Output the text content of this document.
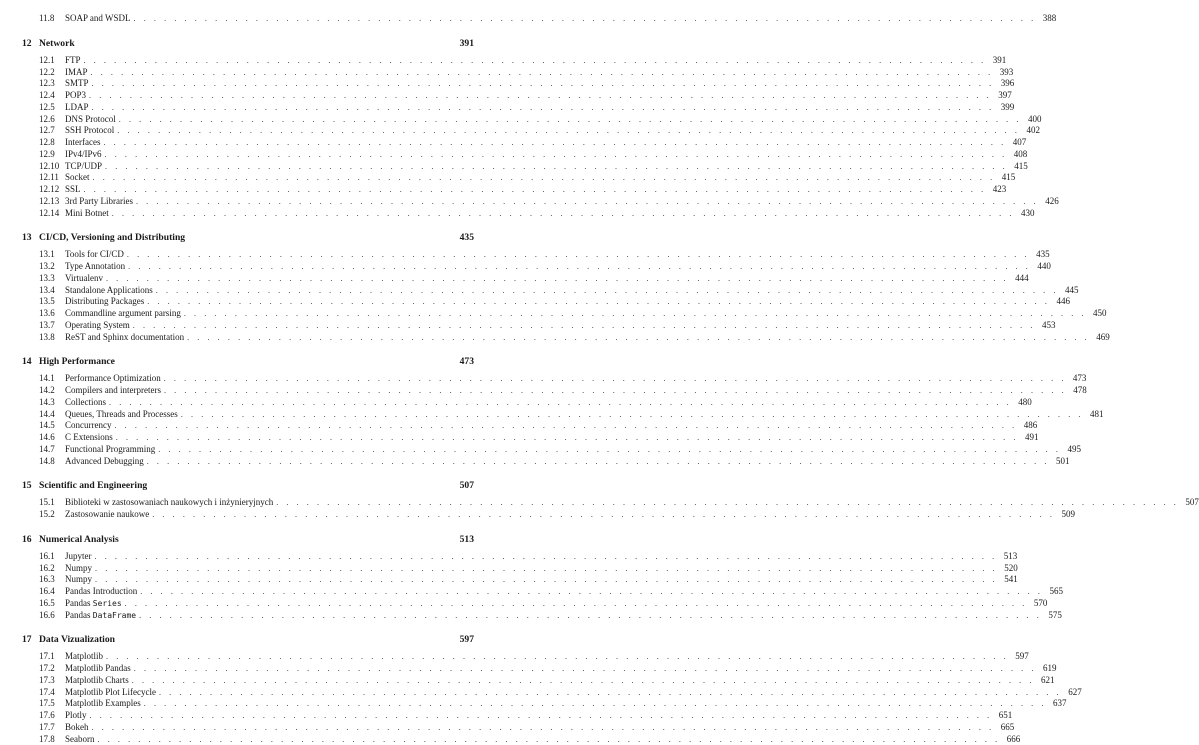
11.8	SOAP and WSDL . . . . . . . . . . . . . . . . . . . . . . . . . . . . . . . . . . . . . . . . . . . . . . . . . . . . . . . . . . . . . . . . . . . . . . . . . . . . . . . . . . . . . . . . . 388
12 Network	391
12.1	FTP . . . . . . . . . . . . . . . . . . . . . . . . . . . . . . . . . . . . . . . . . . . . . . . . . . . . . . . . . . . . . . . . . . . . . . . . . . . . . . . . . . . . . . . . . 391
12.2	IMAP . . . . . . . . . . . . . . . . . . . . . . . . . . . . . . . . . . . . . . . . . . . . . . . . . . . . . . . . . . . . . . . . . . . . . . . . . . . . . . . . . . . . . . . . . 393
12.3	SMTP . . . . . . . . . . . . . . . . . . . . . . . . . . . . . . . . . . . . . . . . . . . . . . . . . . . . . . . . . . . . . . . . . . . . . . . . . . . . . . . . . . . . . . . . . 396
12.4	POP3 . . . . . . . . . . . . . . . . . . . . . . . . . . . . . . . . . . . . . . . . . . . . . . . . . . . . . . . . . . . . . . . . . . . . . . . . . . . . . . . . . . . . . . . . . 397
12.5	LDAP . . . . . . . . . . . . . . . . . . . . . . . . . . . . . . . . . . . . . . . . . . . . . . . . . . . . . . . . . . . . . . . . . . . . . . . . . . . . . . . . . . . . . . . . . 399
12.6	DNS Protocol . . . . . . . . . . . . . . . . . . . . . . . . . . . . . . . . . . . . . . . . . . . . . . . . . . . . . . . . . . . . . . . . . . . . . . . . . . . . . . . . . . . . . . . . . 400
12.7	SSH Protocol . . . . . . . . . . . . . . . . . . . . . . . . . . . . . . . . . . . . . . . . . . . . . . . . . . . . . . . . . . . . . . . . . . . . . . . . . . . . . . . . . . . . . . . . . 402
12.8	Interfaces . . . . . . . . . . . . . . . . . . . . . . . . . . . . . . . . . . . . . . . . . . . . . . . . . . . . . . . . . . . . . . . . . . . . . . . . . . . . . . . . . . . . . . . . . 407
12.9	IPv4/IPv6 . . . . . . . . . . . . . . . . . . . . . . . . . . . . . . . . . . . . . . . . . . . . . . . . . . . . . . . . . . . . . . . . . . . . . . . . . . . . . . . . . . . . . . . . . 408
12.10 TCP/UDP . . . . . . . . . . . . . . . . . . . . . . . . . . . . . . . . . . . . . . . . . . . . . . . . . . . . . . . . . . . . . . . . . . . . . . . . . . . . . . . . . . . . . . . . . 415
12.11 Socket . . . . . . . . . . . . . . . . . . . . . . . . . . . . . . . . . . . . . . . . . . . . . . . . . . . . . . . . . . . . . . . . . . . . . . . . . . . . . . . . . . . . . . . . . 415
12.12 SSL . . . . . . . . . . . . . . . . . . . . . . . . . . . . . . . . . . . . . . . . . . . . . . . . . . . . . . . . . . . . . . . . . . . . . . . . . . . . . . . . . . . . . . . . . 423
12.13 3rd Party Libraries . . . . . . . . . . . . . . . . . . . . . . . . . . . . . . . . . . . . . . . . . . . . . . . . . . . . . . . . . . . . . . . . . . . . . . . . . . . . . . . . . . . . . . . . . 426
12.14 Mini Botnet . . . . . . . . . . . . . . . . . . . . . . . . . . . . . . . . . . . . . . . . . . . . . . . . . . . . . . . . . . . . . . . . . . . . . . . . . . . . . . . . . . . . . . . . . 430
13 CI/CD, Versioning and Distributing	435
13.1	Tools for CI/CD . . . . . . . . . . . . . . . . . . . . . . . . . . . . . . . . . . . . . . . . . . . . . . . . . . . . . . . . . . . . . . . . . . . . . . . . . . . . . . . . . . . . . . . . . 435
13.2	Type Annotation . . . . . . . . . . . . . . . . . . . . . . . . . . . . . . . . . . . . . . . . . . . . . . . . . . . . . . . . . . . . . . . . . . . . . . . . . . . . . . . . . . . . . . . . . 440
13.3	Virtualenv . . . . . . . . . . . . . . . . . . . . . . . . . . . . . . . . . . . . . . . . . . . . . . . . . . . . . . . . . . . . . . . . . . . . . . . . . . . . . . . . . . . . . . . . . 444
13.4	Standalone Applications . . . . . . . . . . . . . . . . . . . . . . . . . . . . . . . . . . . . . . . . . . . . . . . . . . . . . . . . . . . . . . . . . . . . . . . . . . . . . . . . . . . . . . . . . 445
13.5	Distributing Packages . . . . . . . . . . . . . . . . . . . . . . . . . . . . . . . . . . . . . . . . . . . . . . . . . . . . . . . . . . . . . . . . . . . . . . . . . . . . . . . . . . . . . . . . . 446
13.6	Commandline argument parsing . . . . . . . . . . . . . . . . . . . . . . . . . . . . . . . . . . . . . . . . . . . . . . . . . . . . . . . . . . . . . . . . . . . . . . . . . . . . . . . . . . . . . . . . . 450
13.7	Operating System . . . . . . . . . . . . . . . . . . . . . . . . . . . . . . . . . . . . . . . . . . . . . . . . . . . . . . . . . . . . . . . . . . . . . . . . . . . . . . . . . . . . . . . . . 453
13.8	ReST and Sphinx documentation . . . . . . . . . . . . . . . . . . . . . . . . . . . . . . . . . . . . . . . . . . . . . . . . . . . . . . . . . . . . . . . . . . . . . . . . . . . . . . . . . . . . . . . . . 469
14 High Performance	473
14.1	Performance Optimization . . . . . . . . . . . . . . . . . . . . . . . . . . . . . . . . . . . . . . . . . . . . . . . . . . . . . . . . . . . . . . . . . . . . . . . . . . . . . . . . . . . . . . . . . 473
14.2	Compilers and interpreters . . . . . . . . . . . . . . . . . . . . . . . . . . . . . . . . . . . . . . . . . . . . . . . . . . . . . . . . . . . . . . . . . . . . . . . . . . . . . . . . . . . . . . . . . 478
14.3	Collections . . . . . . . . . . . . . . . . . . . . . . . . . . . . . . . . . . . . . . . . . . . . . . . . . . . . . . . . . . . . . . . . . . . . . . . . . . . . . . . . . . . . . . . . . 480
14.4	Queues, Threads and Processes . . . . . . . . . . . . . . . . . . . . . . . . . . . . . . . . . . . . . . . . . . . . . . . . . . . . . . . . . . . . . . . . . . . . . . . . . . . . . . . . . . . . . . . . . 481
14.5	Concurrency . . . . . . . . . . . . . . . . . . . . . . . . . . . . . . . . . . . . . . . . . . . . . . . . . . . . . . . . . . . . . . . . . . . . . . . . . . . . . . . . . . . . . . . . . 486
14.6	C Extensions . . . . . . . . . . . . . . . . . . . . . . . . . . . . . . . . . . . . . . . . . . . . . . . . . . . . . . . . . . . . . . . . . . . . . . . . . . . . . . . . . . . . . . . . . 491
14.7	Functional Programming . . . . . . . . . . . . . . . . . . . . . . . . . . . . . . . . . . . . . . . . . . . . . . . . . . . . . . . . . . . . . . . . . . . . . . . . . . . . . . . . . . . . . . . . . 495
14.8	Advanced Debugging . . . . . . . . . . . . . . . . . . . . . . . . . . . . . . . . . . . . . . . . . . . . . . . . . . . . . . . . . . . . . . . . . . . . . . . . . . . . . . . . . . . . . . . . . 501
15 Scientific and Engineering	507
15.1	Biblioteki w zastosowaniach naukowych i inżynieryjnych . . . . . . . . . . . . . . . . . . . . . . . . . . . . . . . . . . . . . . . . . . . . . . . . . . . . . . . . . . . . . . . . . . . . . . . . . . . . . . . . . . . . . . . . . 507
15.2	Zastosowanie naukowe . . . . . . . . . . . . . . . . . . . . . . . . . . . . . . . . . . . . . . . . . . . . . . . . . . . . . . . . . . . . . . . . . . . . . . . . . . . . . . . . . . . . . . . . . 509
16 Numerical Analysis	513
16.1	Jupyter . . . . . . . . . . . . . . . . . . . . . . . . . . . . . . . . . . . . . . . . . . . . . . . . . . . . . . . . . . . . . . . . . . . . . . . . . . . . . . . . . . . . . . . . . 513
16.2	Numpy . . . . . . . . . . . . . . . . . . . . . . . . . . . . . . . . . . . . . . . . . . . . . . . . . . . . . . . . . . . . . . . . . . . . . . . . . . . . . . . . . . . . . . . . . 520
16.3	Numpy . . . . . . . . . . . . . . . . . . . . . . . . . . . . . . . . . . . . . . . . . . . . . . . . . . . . . . . . . . . . . . . . . . . . . . . . . . . . . . . . . . . . . . . . . 541
16.4	Pandas Introduction . . . . . . . . . . . . . . . . . . . . . . . . . . . . . . . . . . . . . . . . . . . . . . . . . . . . . . . . . . . . . . . . . . . . . . . . . . . . . . . . . . . . . . . . . 565
16.5	Pandas Series . . . . . . . . . . . . . . . . . . . . . . . . . . . . . . . . . . . . . . . . . . . . . . . . . . . . . . . . . . . . . . . . . . . . . . . . . . . . . . . . . . . . . . . . . 570
16.6	Pandas DataFrame . . . . . . . . . . . . . . . . . . . . . . . . . . . . . . . . . . . . . . . . . . . . . . . . . . . . . . . . . . . . . . . . . . . . . . . . . . . . . . . . . . . . . . . . . 575
17 Data Vizualization	597
17.1	Matplotlib . . . . . . . . . . . . . . . . . . . . . . . . . . . . . . . . . . . . . . . . . . . . . . . . . . . . . . . . . . . . . . . . . . . . . . . . . . . . . . . . . . . . . . . . . 597
17.2	Matplotlib Pandas . . . . . . . . . . . . . . . . . . . . . . . . . . . . . . . . . . . . . . . . . . . . . . . . . . . . . . . . . . . . . . . . . . . . . . . . . . . . . . . . . . . . . . . . . 619
17.3	Matplotlib Charts . . . . . . . . . . . . . . . . . . . . . . . . . . . . . . . . . . . . . . . . . . . . . . . . . . . . . . . . . . . . . . . . . . . . . . . . . . . . . . . . . . . . . . . . . 621
17.4	Matplotlib Plot Lifecycle . . . . . . . . . . . . . . . . . . . . . . . . . . . . . . . . . . . . . . . . . . . . . . . . . . . . . . . . . . . . . . . . . . . . . . . . . . . . . . . . . . . . . . . . . 627
17.5	Matplotlib Examples . . . . . . . . . . . . . . . . . . . . . . . . . . . . . . . . . . . . . . . . . . . . . . . . . . . . . . . . . . . . . . . . . . . . . . . . . . . . . . . . . . . . . . . . . 637
17.6	Plotly . . . . . . . . . . . . . . . . . . . . . . . . . . . . . . . . . . . . . . . . . . . . . . . . . . . . . . . . . . . . . . . . . . . . . . . . . . . . . . . . . . . . . . . . . 651
17.7	Bokeh . . . . . . . . . . . . . . . . . . . . . . . . . . . . . . . . . . . . . . . . . . . . . . . . . . . . . . . . . . . . . . . . . . . . . . . . . . . . . . . . . . . . . . . . . 665
17.8	Seaborn . . . . . . . . . . . . . . . . . . . . . . . . . . . . . . . . . . . . . . . . . . . . . . . . . . . . . . . . . . . . . . . . . . . . . . . . . . . . . . . . . . . . . . . . . 666
